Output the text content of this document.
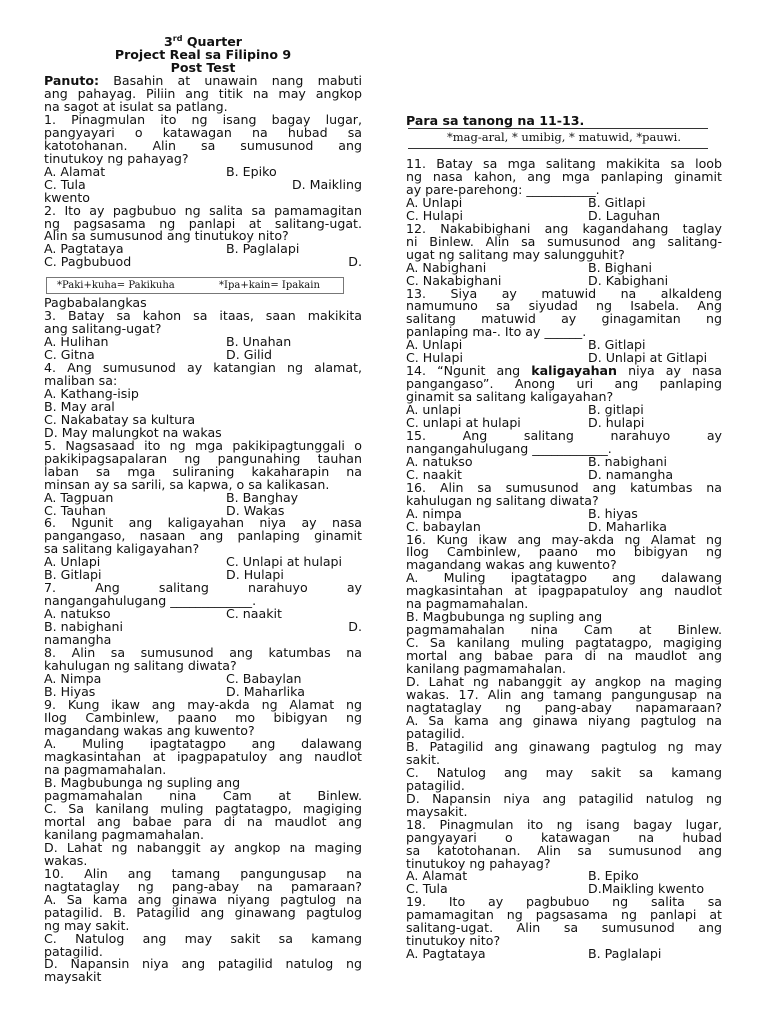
3rd Quarter
Project Real sa Filipino 9
Post Test
Panuto: Basahin at unawain nang mabuti
ang pahayag. Piliin ang titik na may angkop
na sagot at isulat sa patlang.
1. Pinagmulan ito ng isang bagay lugar,
pangyayari o katawagan na hubad sa
katotohanan. Alin sa sumusunod ang
tinutukoy ng pahayag?
A. Alamat	B. Epiko
C. Tula	D. Maikling
kwento
2. Ito ay pagbubuo ng salita sa pamamagitan
ng pagsasama ng panlapi at salitang-ugat.
Alin sa sumusunod ang tinutukoy nito?
A. Pagtataya	B. Paglalapi
C. Pagbubuod	D.
*Paki+kuha= Pakikuha	*Ipa+kain= Ipakain
Pagbabalangkas
3. Batay sa kahon sa itaas, saan makikita
ang salitang-ugat?
A. Hulihan	B. Unahan
C. Gitna	D. Gilid
4. Ang sumusunod ay katangian ng alamat,
maliban sa:
A. Kathang-isip
B. May aral
C. Nakabatay sa kultura
D. May malungkot na wakas
5. Nagsasaad ito ng mga pakikipagtunggali o
pakikipagsapalaran ng pangunahing tauhan
laban sa mga suliraning kakaharapin na
minsan ay sa sarili, sa kapwa, o sa kalikasan.
A. Tagpuan	B. Banghay
C. Tauhan	D. Wakas
6. Ngunit ang kaligayahan niya ay nasa
pangangaso, nasaan ang panlaping ginamit
sa salitang kaligayahan?
A. Unlapi	C. Unlapi at hulapi
B. Gitlapi	D. Hulapi
7. Ang salitang narahuyo ay
nangangahulugang _____________.
A. natukso	C. naakit
B. nabighani	D.
namangha
8. Alin sa sumusunod ang katumbas na
kahulugan ng salitang diwata?
A. Nimpa	C. Babaylan
B. Hiyas	D. Maharlika
9. Kung ikaw ang may-akda ng Alamat ng
Ilog Cambinlew, paano mo bibigyan ng
magandang wakas ang kuwento?
A. Muling ipagtatagpo ang dalawang
magkasintahan at ipagpapatuloy ang naudlot
na pagmamahalan.
B. Magbubunga ng supling ang
pagmamahalan nina Cam at Binlew.
C. Sa kanilang muling pagtatagpo, magiging
mortal ang babae para di na maudlot ang
kanilang pagmamahalan.
D. Lahat ng nabanggit ay angkop na maging
wakas.
10. Alin ang tamang pangungusap na
nagtataglay ng pang-abay na pamaraan?
A. Sa kama ang ginawa niyang pagtulog na
patagilid. B. Patagilid ang ginawang pagtulog
ng may sakit.
C. Natulog ang may sakit sa kamang
patagilid.
D. Napansin niya ang patagilid natulog ng
maysakit
Para sa tanong na 11-13.
*mag-aral, * umibig, * matuwid, *pauwi.
11. Batay sa mga salitang makikita sa loob
ng nasa kahon, ang mga panlaping ginamit
ay pare-parehong: ___________.
A. Unlapi	B. Gitlapi
C. Hulapi	D. Laguhan
12. Nakabibighani ang kagandahang taglay
ni Binlew. Alin sa sumusunod ang salitang-
ugat ng salitang may salungguhit?
A. Nabighani	B. Bighani
C. Nakabighani	D. Kabighani
13. Siya ay matuwid na alkaldeng
namumuno sa siyudad ng Isabela. Ang
salitang matuwid ay ginagamitan ng
panlaping ma-. Ito ay ______.
A. Unlapi	B. Gitlapi
C. Hulapi	D. Unlapi at Gitlapi
14. “Ngunit ang kaligayahan niya ay nasa
pangangaso”. Anong uri ang panlaping
ginamit sa salitang kaligayahan?
A. unlapi	B. gitlapi
C. unlapi at hulapi	D. hulapi
15. Ang salitang narahuyo ay
nangangahulugang ____________.
A. natukso	B. nabighani
C. naakit	D. namangha
16. Alin sa sumusunod ang katumbas na
kahulugan ng salitang diwata?
A. nimpa	B. hiyas
C. babaylan	D. Maharlika
16. Kung ikaw ang may-akda ng Alamat ng
Ilog Cambinlew, paano mo bibigyan ng
magandang wakas ang kuwento?
A. Muling ipagtatagpo ang dalawang
magkasintahan at ipagpapatuloy ang naudlot
na pagmamahalan.
B. Magbubunga ng supling ang
pagmamahalan nina Cam at Binlew.
C. Sa kanilang muling pagtatagpo, magiging
mortal ang babae para di na maudlot ang
kanilang pagmamahalan.
D. Lahat ng nabanggit ay angkop na maging
wakas. 17. Alin ang tamang pangungusap na
nagtataglay ng pang-abay napamaraan?
A. Sa kama ang ginawa niyang pagtulog na
patagilid.
B. Patagilid ang ginawang pagtulog ng may
sakit.
C. Natulog ang may sakit sa kamang
patagilid.
D. Napansin niya ang patagilid natulog ng
maysakit.
18. Pinagmulan ito ng isang bagay lugar,
pangyayari o katawagan na hubad
sa katotohanan. Alin sa sumusunod ang
tinutukoy ng pahayag?
A. Alamat	B. Epiko
C. Tula	D.Maikling kwento
19. Ito ay pagbubuo ng salita sa
pamamagitan ng pagsasama ng panlapi at
salitang-ugat. Alin sa sumusunod ang
tinutukoy nito?
A. Pagtataya	B. Paglalapi
